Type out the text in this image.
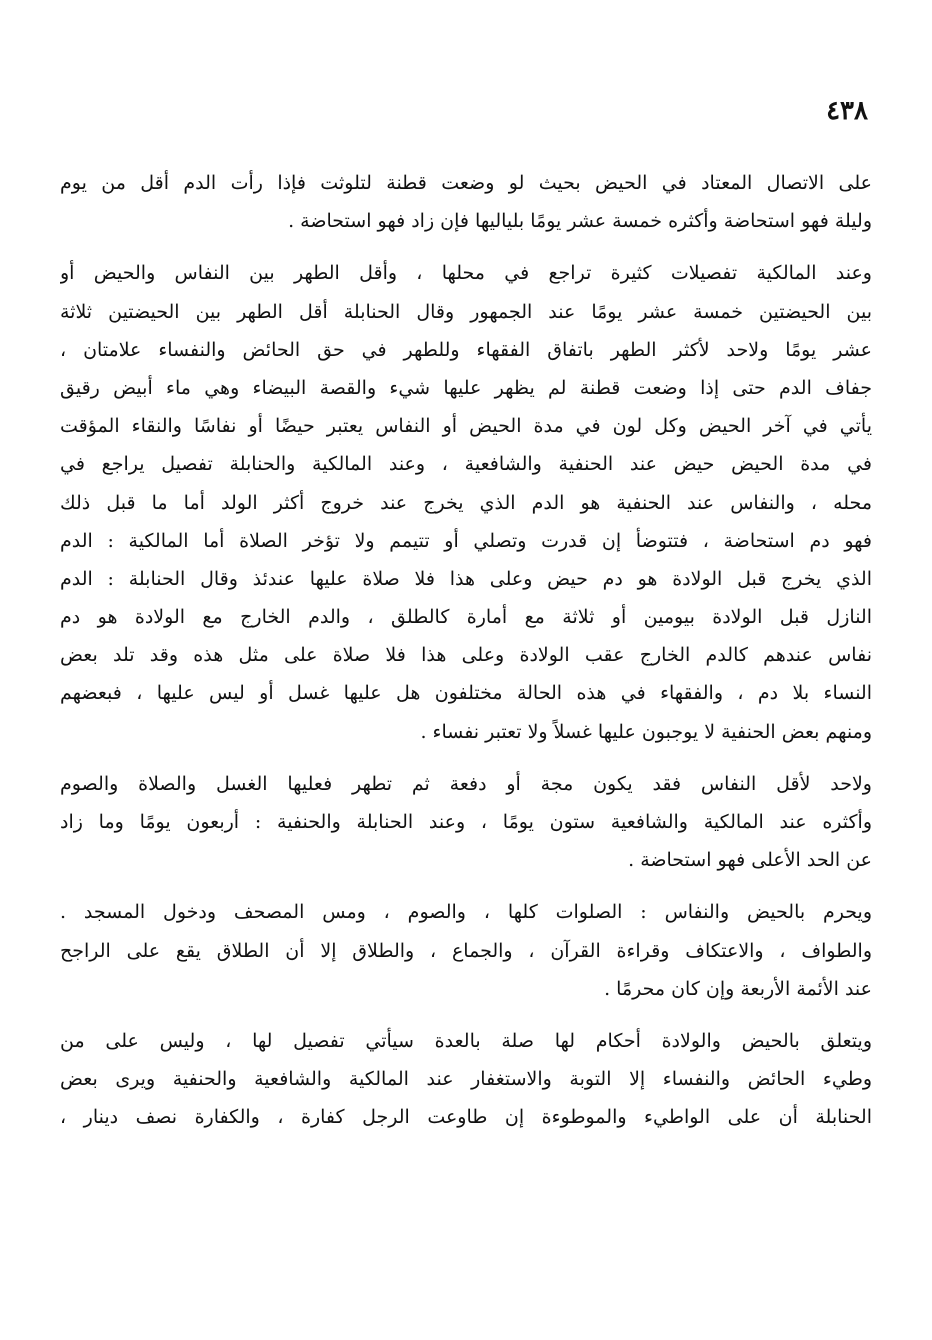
٤٣٨
على الاتصال المعتاد في الحيض بحيث لو وضعت قطنة لتلوثت فإذا رأت الدم أقل من يوم
وليلة فهو استحاضة وأكثره خمسة عشر يومًا بلياليها فإن زاد فهو استحاضة .
وعند المالكية تفصيلات كثيرة تراجع في محلها ، وأقل الطهر بين النفاس والحيض أو
بين الحيضتين خمسة عشر يومًا عند الجمهور وقال الحنابلة أقل الطهر بين الحيضتين ثلاثة
عشر يومًا ولاحد لأكثر الطهر باتفاق الفقهاء وللطهر في حق الحائض والنفساء علامتان ،
جفاف الدم حتى إذا وضعت قطنة لم يظهر عليها شيء والقصة البيضاء وهي ماء أبيض رقيق
يأتي في آخر الحيض وكل لون في مدة الحيض أو النفاس يعتبر حيضًا أو نفاسًا والنقاء المؤقت
في مدة الحيض حيض عند الحنفية والشافعية ، وعند المالكية والحنابلة تفصيل يراجع في
محله ، والنفاس عند الحنفية هو الدم الذي يخرج عند خروج أكثر الولد أما ما قبل ذلك
فهو دم استحاضة ، فتتوضأ إن قدرت وتصلي أو تتيمم ولا تؤخر الصلاة أما المالكية : الدم
الذي يخرج قبل الولادة هو دم حيض وعلى هذا فلا صلاة عليها عندئذ وقال الحنابلة : الدم
النازل قبل الولادة بيومين أو ثلاثة مع أمارة كالطلق ، والدم الخارج مع الولادة هو دم
نفاس عندهم كالدم الخارج عقب الولادة وعلى هذا فلا صلاة على مثل هذه وقد تلد بعض
النساء بلا دم ، والفقهاء في هذه الحالة مختلفون هل عليها غسل أو ليس عليها ، فبعضهم
ومنهم بعض الحنفية لا يوجبون عليها غسلاً ولا تعتبر نفساء .
ولاحد لأقل النفاس فقد يكون مجة أو دفعة ثم تطهر فعليها الغسل والصلاة والصوم
وأكثره عند المالكية والشافعية ستون يومًا ، وعند الحنابلة والحنفية : أربعون يومًا وما زاد
عن الحد الأعلى فهو استحاضة .
ويحرم بالحيض والنفاس : الصلوات كلها ، والصوم ، ومس المصحف ودخول المسجد .
والطواف ، والاعتكاف وقراءة القرآن ، والجماع ، والطلاق إلا أن الطلاق يقع على الراجح
عند الأئمة الأربعة وإن كان محرمًا .
ويتعلق بالحيض والولادة أحكام لها صلة بالعدة سيأتي تفصيل لها ، وليس على من
وطيء الحائض والنفساء إلا التوبة والاستغفار عند المالكية والشافعية والحنفية ويرى بعض
الحنابلة أن على الواطيء والموطوءة إن طاوعت الرجل كفارة ، والكفارة نصف دينار ،
